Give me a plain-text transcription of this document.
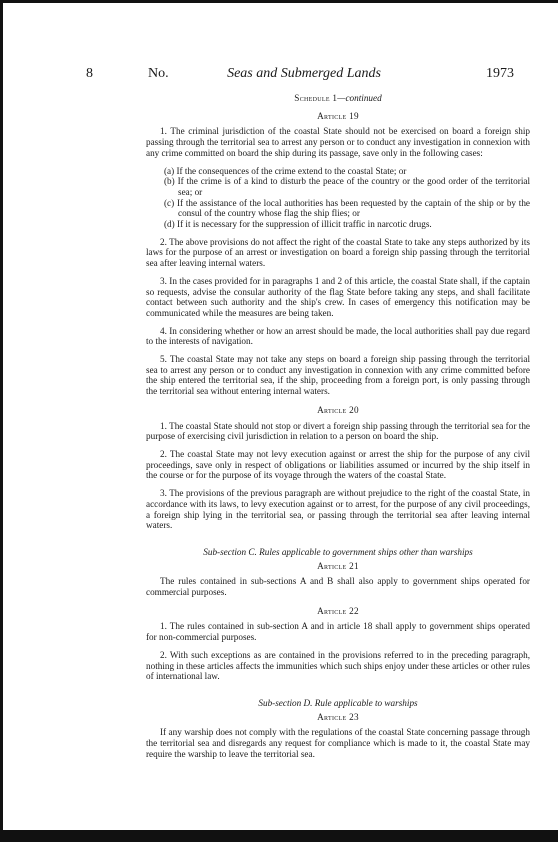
8	No.	Seas and Submerged Lands	1973
Schedule 1—continued
Article 19

1. The criminal jurisdiction of the coastal State should not be exercised on board a foreign ship passing through the territorial sea to arrest any person or to conduct any investigation in connexion with any crime committed on board the ship during its passage, save only in the following cases:

(a) If the consequences of the crime extend to the coastal State; or
(b) If the crime is of a kind to disturb the peace of the country or the good order of the territorial sea; or
(c) If the assistance of the local authorities has been requested by the captain of the ship or by the consul of the country whose flag the ship flies; or
(d) If it is necessary for the suppression of illicit traffic in narcotic drugs.

2. The above provisions do not affect the right of the coastal State to take any steps authorized by its laws for the purpose of an arrest or investigation on board a foreign ship passing through the territorial sea after leaving internal waters.

3. In the cases provided for in paragraphs 1 and 2 of this article, the coastal State shall, if the captain so requests, advise the consular authority of the flag State before taking any steps, and shall facilitate contact between such authority and the ship's crew. In cases of emergency this notification may be communicated while the measures are being taken.

4. In considering whether or how an arrest should be made, the local authorities shall pay due regard to the interests of navigation.

5. The coastal State may not take any steps on board a foreign ship passing through the territorial sea to arrest any person or to conduct any investigation in connexion with any crime committed before the ship entered the territorial sea, if the ship, proceeding from a foreign port, is only passing through the territorial sea without entering internal waters.

Article 20

1. The coastal State should not stop or divert a foreign ship passing through the territorial sea for the purpose of exercising civil jurisdiction in relation to a person on board the ship.

2. The coastal State may not levy execution against or arrest the ship for the purpose of any civil proceedings, save only in respect of obligations or liabilities assumed or incurred by the ship itself in the course or for the purpose of its voyage through the waters of the coastal State.

3. The provisions of the previous paragraph are without prejudice to the right of the coastal State, in accordance with its laws, to levy execution against or to arrest, for the purpose of any civil proceedings, a foreign ship lying in the territorial sea, or passing through the territorial sea after leaving internal waters.

Sub-section C. Rules applicable to government ships other than warships
Article 21

The rules contained in sub-sections A and B shall also apply to government ships operated for commercial purposes.

Article 22

1. The rules contained in sub-section A and in article 18 shall apply to government ships operated for non-commercial purposes.

2. With such exceptions as are contained in the provisions referred to in the preceding paragraph, nothing in these articles affects the immunities which such ships enjoy under these articles or other rules of international law.

Sub-section D. Rule applicable to warships
Article 23

If any warship does not comply with the regulations of the coastal State concerning passage through the territorial sea and disregards any request for compliance which is made to it, the coastal State may require the warship to leave the territorial sea.
